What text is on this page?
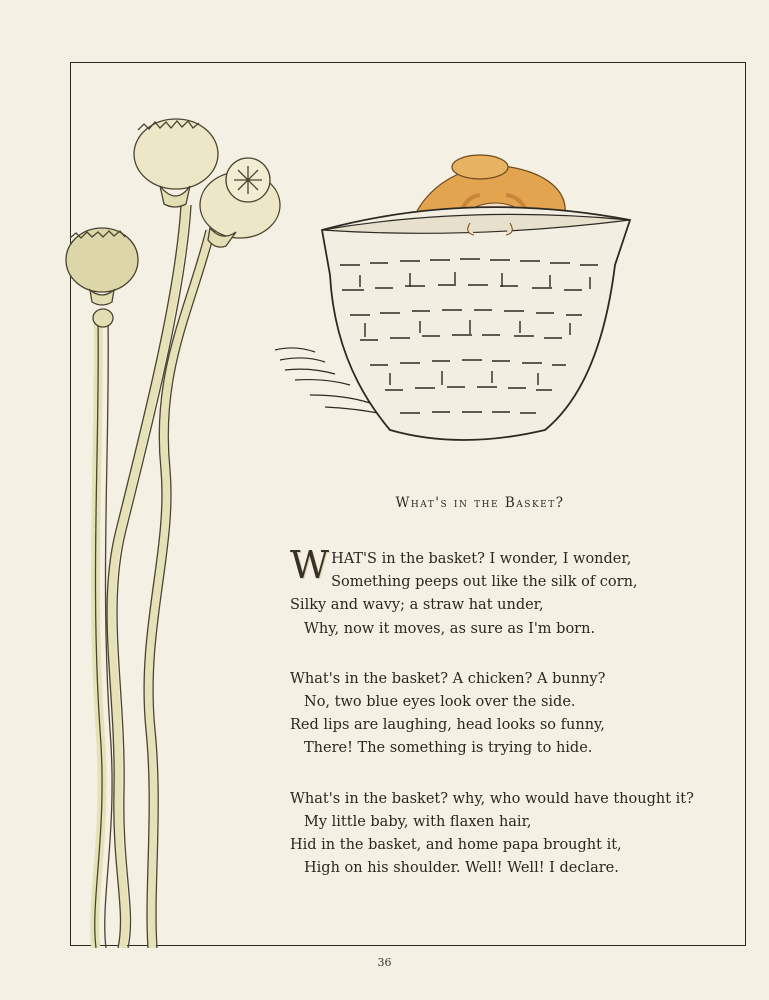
What's in the Basket?
W HAT'S in the basket? I wonder, I wonder,
Something peeps out like the silk of corn,
Silky and wavy; a straw hat under,
Why, now it moves, as sure as I'm born.
What's in the basket? A chicken? A bunny?
No, two blue eyes look over the side.
Red lips are laughing, head looks so funny,
There! The something is trying to hide.
What's in the basket? why, who would have thought it?
My little baby, with flaxen hair,
Hid in the basket, and home papa brought it,
High on his shoulder. Well! Well! I declare.
36
